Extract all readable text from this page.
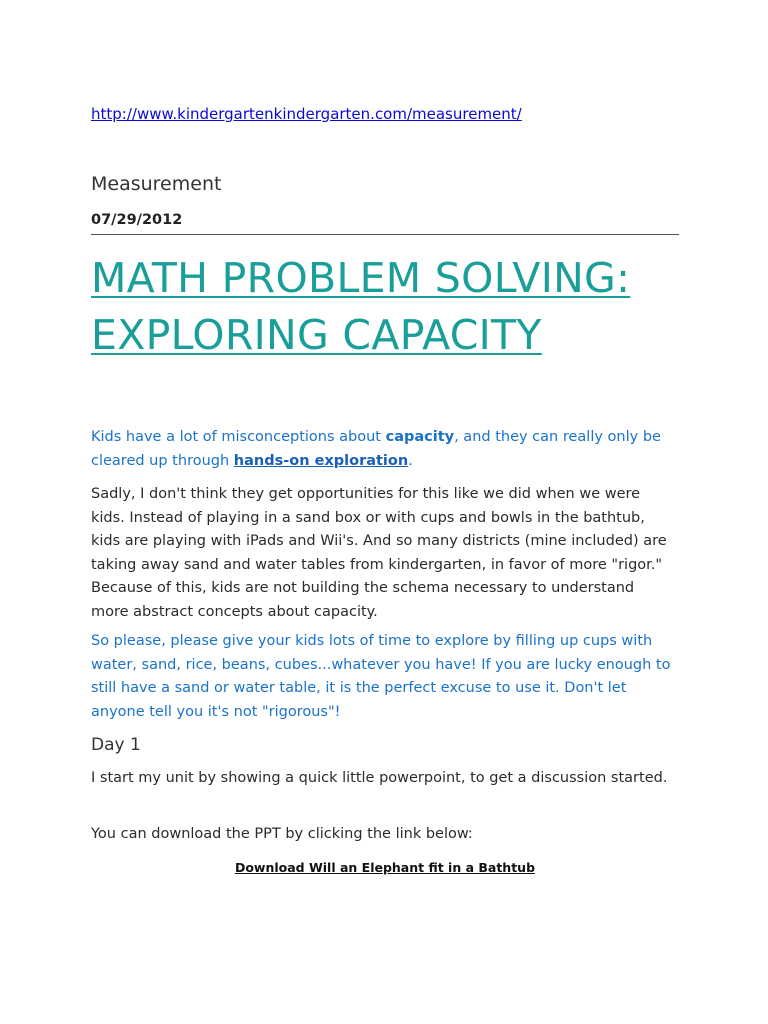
http://www.kindergartenkindergarten.com/measurement/
Measurement
07/29/2012
MATH PROBLEM SOLVING: EXPLORING CAPACITY

Kids have a lot of misconceptions about capacity, and they can really only be cleared up through hands-on exploration.

Sadly, I don't think they get opportunities for this like we did when we were kids. Instead of playing in a sand box or with cups and bowls in the bathtub, kids are playing with iPads and Wii's. And so many districts (mine included) are taking away sand and water tables from kindergarten, in favor of more "rigor." Because of this, kids are not building the schema necessary to understand more abstract concepts about capacity.

So please, please give your kids lots of time to explore by filling up cups with water, sand, rice, beans, cubes...whatever you have! If you are lucky enough to still have a sand or water table, it is the perfect excuse to use it. Don't let anyone tell you it's not "rigorous"!

Day 1

I start my unit by showing a quick little powerpoint, to get a discussion started.

You can download the PPT by clicking the link below:

Download Will an Elephant fit in a Bathtub
